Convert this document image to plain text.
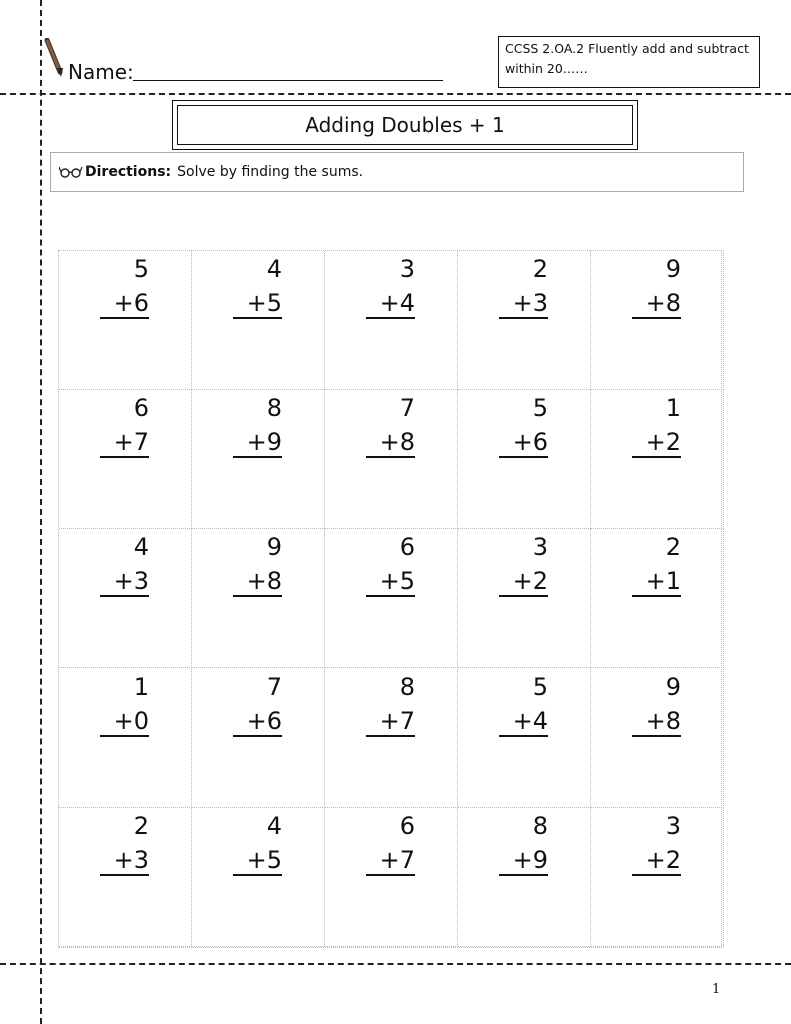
Name:
CCSS 2.OA.2 Fluently add and subtract within 20……
Adding Doubles + 1
Directions: Solve by finding the sums.
5
+6
4
+5
3
+4
2
+3
9
+8
6
+7
8
+9
7
+8
5
+6
1
+2
4
+3
9
+8
6
+5
3
+2
2
+1
1
+0
7
+6
8
+7
5
+4
9
+8
2
+3
4
+5
6
+7
8
+9
3
+2
1
